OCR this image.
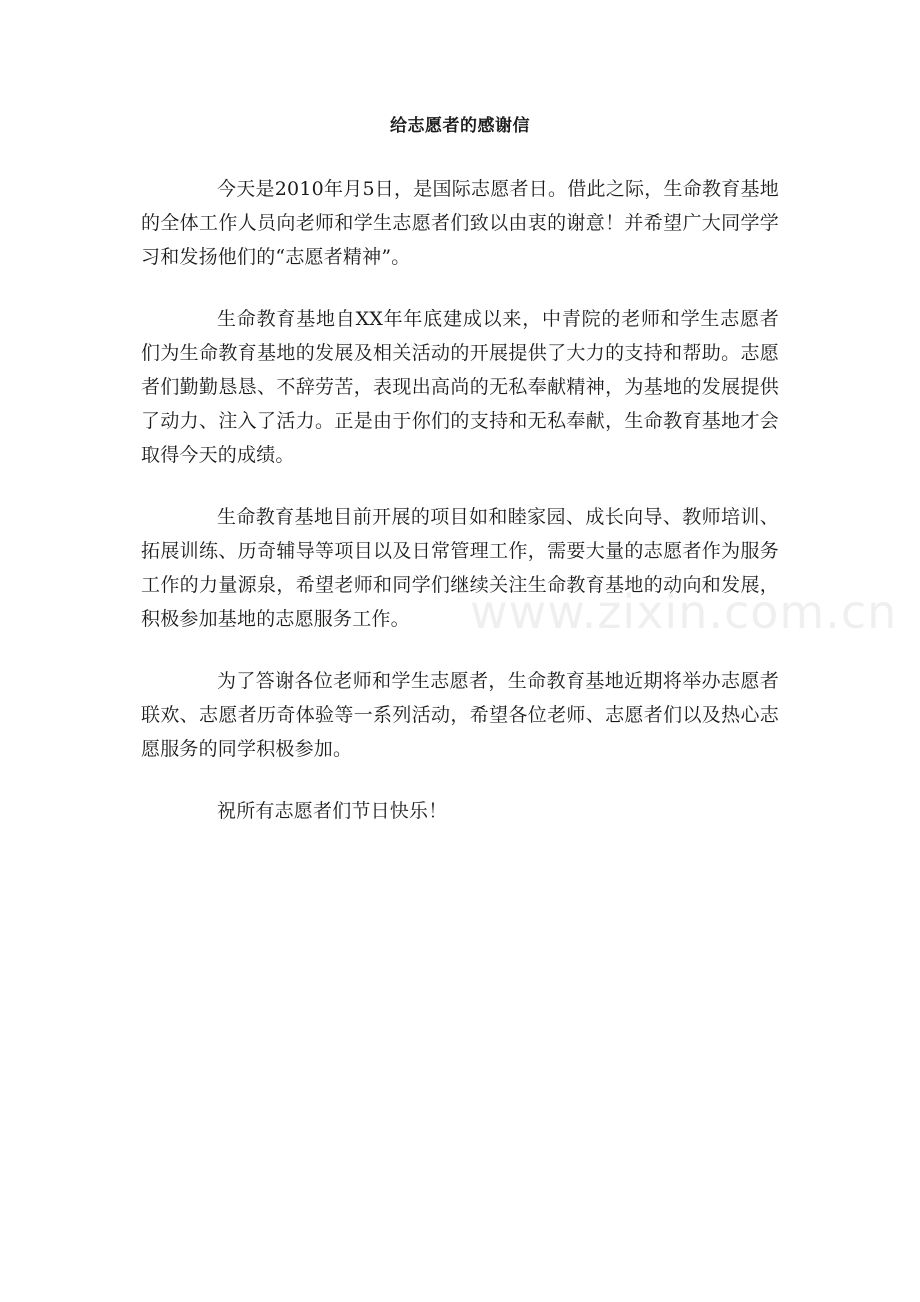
给志愿者的感谢信

今天是2010年月5日，是国际志愿者日。借此之际，生命教育基地的全体工作人员向老师和学生志愿者们致以由衷的谢意！并希望广大同学学习和发扬他们的“志愿者精神”。

生命教育基地自XX年年底建成以来，中青院的老师和学生志愿者们为生命教育基地的发展及相关活动的开展提供了大力的支持和帮助。志愿者们勤勤恳恳、不辞劳苦，表现出高尚的无私奉献精神，为基地的发展提供了动力、注入了活力。正是由于你们的支持和无私奉献，生命教育基地才会取得今天的成绩。

生命教育基地目前开展的项目如和睦家园、成长向导、教师培训、拓展训练、历奇辅导等项目以及日常管理工作，需要大量的志愿者作为服务工作的力量源泉，希望老师和同学们继续关注生命教育基地的动向和发展，积极参加基地的志愿服务工作。

为了答谢各位老师和学生志愿者，生命教育基地近期将举办志愿者联欢、志愿者历奇体验等一系列活动，希望各位老师、志愿者们以及热心志愿服务的同学积极参加。

祝所有志愿者们节日快乐！

www.zixin.com.cn
